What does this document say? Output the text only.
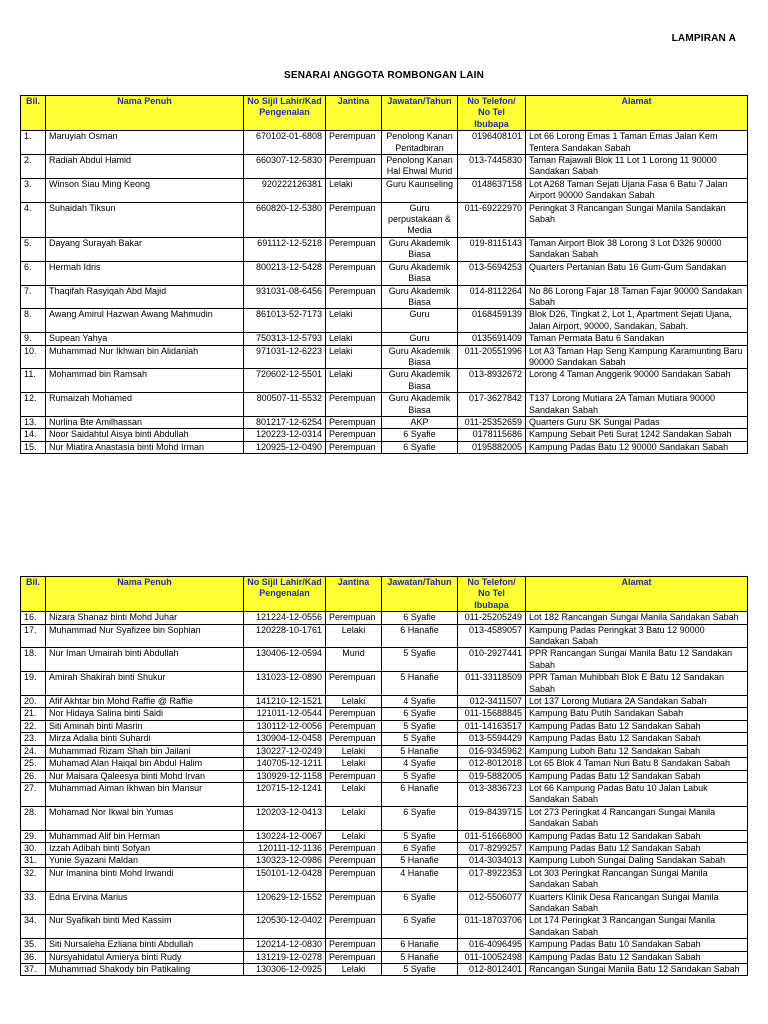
LAMPIRAN A
SENARAI ANGGOTA ROMBONGAN LAIN
Bil.	Nama Penuh	No Sijil Lahir/Kad Pengenalan	Jantina	Jawatan/Tahun	No Telefon/ No Tel Ibubapa	Alamat
1.	Maruyiah Osman	670102-01-6808	Perempuan	Penolong Kanan Pentadbiran	0196408101	Lot 66 Lorong Emas 1 Taman Emas Jalan Kem Tentera Sandakan Sabah
2.	Radiah Abdul Hamid	660307-12-5830	Perempuan	Penolong Kanan Hal Ehwal Murid	013-7445830	Taman Rajawali Blok 11 Lot 1 Lorong 11 90000 Sandakan Sabah
3.	Winson Siau Ming Keong	920222126381	Lelaki	Guru Kaunseling	0148637158	Lot A268 Taman Sejati Ujana Fasa 6 Batu 7 Jalan Airport 90000 Sandakan Sabah
4.	Suhaidah Tiksun	660820-12-5380	Perempuan	Guru perpustakaan & Media	011-69222970	Peringkat 3 Rancangan Sungai Manila Sandakan Sabah
5.	Dayang Surayah Bakar	691112-12-5218	Perempuan	Guru Akademik Biasa	019-8115143	Taman Airport Blok 38 Lorong 3 Lot D326 90000 Sandakan Sabah
6.	Hermah Idris	800213-12-5428	Perempuan	Guru Akademik Biasa	013-5694253	Quarters Pertanian Batu 16 Gum-Gum Sandakan
7.	Thaqifah Rasyiqah Abd Majid	931031-08-6456	Perempuan	Guru Akademik Biasa	014-8112264	No 86 Lorong Fajar 18 Taman Fajar 90000 Sandakan Sabah
8.	Awang Amirul Hazwan Awang Mahmudin	861013-52-7173	Lelaki	Guru	0168459139	Blok D26, Tingkat 2, Lot 1, Apartment Sejati Ujana, Jalan Airport, 90000, Sandakan, Sabah.
9.	Supean Yahya	750313-12-5793	Lelaki	Guru	0135691409	Taman Permata Batu 6 Sandakan
10.	Muhammad Nur Ikhwan bin Alidaniah	971031-12-6223	Lelaki	Guru Akademik Biasa	011-20551996	Lot A3 Taman Hap Seng Kampung Karamunting Baru 90000 Sandakan Sabah
11.	Mohammad bin Ramsah	720602-12-5501	Lelaki	Guru Akademik Biasa	013-8932672	Lorong 4 Taman Anggerik 90000 Sandakan Sabah
12.	Rumaizah Mohamed	800507-11-5532	Perempuan	Guru Akademik Biasa	017-3627842	T137 Lorong Mutiara 2A Taman Mutiara 90000 Sandakan Sabah
13.	Nurlina Bte Amilhassan	801217-12-6254	Perempuan	AKP	011-25352659	Quarters Guru SK Sungai Padas
14.	Noor Saidahtul Aisya binti Abdullah	120223-12-0314	Perempuan	6 Syafie	0178115686	Kampung Sebait Peti Surat 1242 Sandakan Sabah
15.	Nur Miatira Anastasia binti Mohd Irman	120925-12-0490	Perempuan	6 Syafie	0195882005	Kampung Padas Batu 12 90000 Sandakan Sabah
Bil.	Nama Penuh	No Sijil Lahir/Kad Pengenalan	Jantina	Jawatan/Tahun	No Telefon/ No Tel Ibubapa	Alamat
16.	Nizara Shanaz binti Mohd Juhar	121224-12-0556	Perempuan	6 Syafie	011-25205249	Lot 182 Rancangan Sungai Manila Sandakan Sabah
17.	Muhammad Nur Syafizee bin Sophian	120228-10-1761	Lelaki	6 Hanafie	013-4589057	Kampung Padas Peringkat 3 Batu 12 90000 Sandakan Sabah
18.	Nur Iman Umairah binti Abdullah	130406-12-0594	Murid	5 Syafie	010-2927441	PPR Rancangan Sungai Manila Batu 12 Sandakan Sabah
19.	Amirah Shakirah binti Shukur	131023-12-0890	Perempuan	5 Hanafie	011-33118509	PPR Taman Muhibbah Blok E Batu 12 Sandakan Sabah
20.	Afif Akhtar bin Mohd Raffie @ Raffie	141210-12-1521	Lelaki	4 Syafie	012-3411507	Lot 137 Lorong Mutiara 2A Sandakan Sabah
21.	Nor Hidaya Salina binti Saidi	121011-12-0544	Perempuan	6 Syafie	011-15688845	Kampung Batu Putih Sandakan Sabah
22.	Siti Aminah binti Masrin	130112-12-0056	Perempuan	5 Syafie	011-14163517	Kampung Padas Batu 12 Sandakan Sabah
23.	Mirza Adalia binti Suhardi	130904-12-0458	Perempuan	5 Syafie	013-5594429	Kampung Padas Batu 12 Sandakan Sabah
24.	Muhammad Rizam Shah bin Jailani	130227-12-0249	Lelaki	5 Hanafie	016-9345962	Kampung Luboh Batu 12 Sandakan Sabah
25.	Muhamad Alan Haiqal bin Abdul Halim	140705-12-1211	Lelaki	4 Syafie	012-8012018	Lot 65 Blok 4 Taman Nuri Batu 8 Sandakan Sabah
26.	Nur Maisara Qaleesya binti Mohd Irvan	130929-12-1158	Perempuan	5 Syafie	019-5882005	Kampung Padas Batu 12 Sandakan Sabah
27.	Muhammad Aiman Ikhwan bin Mansur	120715-12-1241	Lelaki	6 Hanafie	013-3836723	Lot 66 Kampung Padas Batu 10 Jalan Labuk Sandakan Sabah
28.	Mohamad Nor Ikwal bin Yumas	120203-12-0413	Lelaki	6 Syafie	019-8439715	Lot 273 Peringkat 4 Rancangan Sungai Manila Sandakan Sabah
29.	Muhammad Alif bin Herman	130224-12-0067	Lelaki	5 Syafie	011-51666800	Kampung Padas Batu 12 Sandakan Sabah
30.	Izzah Adibah binti Sofyan	120111-12-1136	Perempuan	6 Syafie	017-8299257	Kampung Padas Batu 12 Sandakan Sabah
31.	Yunie Syazani Maldan	130323-12-0986	Perempuan	5 Hanafie	014-3034013	Kampung Luboh Sungai Daling Sandakan Sabah
32.	Nur Imanina binti Mohd Irwandi	150101-12-0428	Perempuan	4 Hanafie	017-8922353	Lot 303 Peringkat Rancangan Sungai Manila Sandakan Sabah
33.	Edna Ervina Marius	120629-12-1552	Perempuan	6 Syafie	012-5506077	Kuarters Klinik Desa Rancangan Sungai Manila Sandakan Sabah
34.	Nur Syafikah binti Med Kassim	120530-12-0402	Perempuan	6 Syafie	011-18703706	Lot 174 Peringkat 3 Rancangan Sungai Manila Sandakan Sabah
35.	Siti Nursaleha Ezliana binti Abdullah	120214-12-0830	Perempuan	6 Hanafie	016-4096495	Kampung Padas Batu 10 Sandakan Sabah
36.	Nursyahidatul Amierya binti Rudy	131219-12-0278	Perempuan	5 Hanafie	011-10052498	Kampung Padas Batu 12 Sandakan Sabah
37.	Muhammad Shakody bin Patikaling	130306-12-0925	Lelaki	5 Syafie	012-8012401	Rancangan Sungai Manila Batu 12 Sandakan Sabah
